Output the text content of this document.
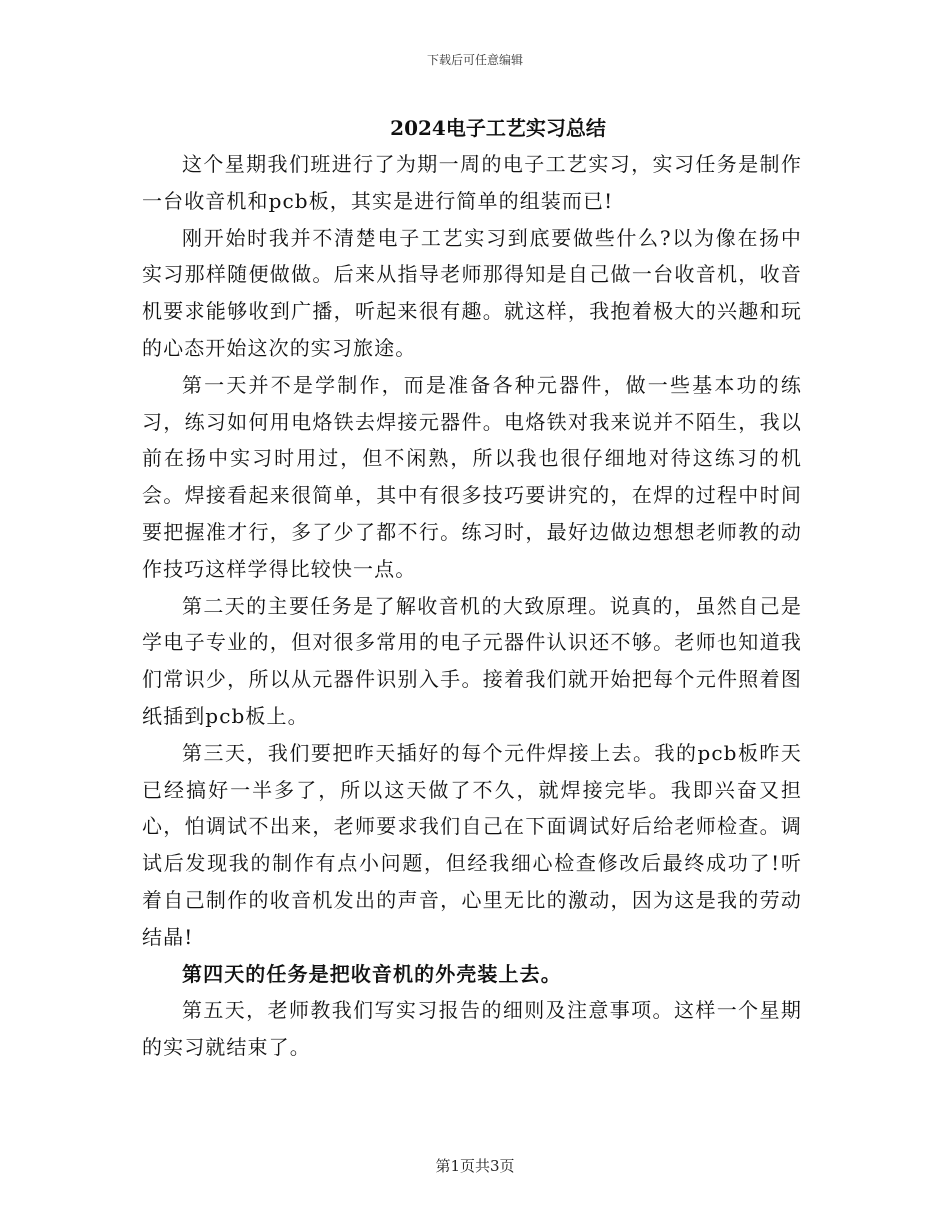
下载后可任意编辑
2024电子工艺实习总结

这个星期我们班进行了为期一周的电子工艺实习，实习任务是制作一台收音机和pcb板，其实是进行简单的组装而已!

刚开始时我并不清楚电子工艺实习到底要做些什么?以为像在扬中实习那样随便做做。后来从指导老师那得知是自己做一台收音机，收音机要求能够收到广播，听起来很有趣。就这样，我抱着极大的兴趣和玩的心态开始这次的实习旅途。

第一天并不是学制作，而是准备各种元器件，做一些基本功的练习，练习如何用电烙铁去焊接元器件。电烙铁对我来说并不陌生，我以前在扬中实习时用过，但不闲熟，所以我也很仔细地对待这练习的机会。焊接看起来很简单，其中有很多技巧要讲究的，在焊的过程中时间要把握准才行，多了少了都不行。练习时，最好边做边想想老师教的动作技巧这样学得比较快一点。

第二天的主要任务是了解收音机的大致原理。说真的，虽然自己是学电子专业的，但对很多常用的电子元器件认识还不够。老师也知道我们常识少，所以从元器件识别入手。接着我们就开始把每个元件照着图纸插到pcb板上。

第三天，我们要把昨天插好的每个元件焊接上去。我的pcb板昨天已经搞好一半多了，所以这天做了不久，就焊接完毕。我即兴奋又担心，怕调试不出来，老师要求我们自己在下面调试好后给老师检查。调试后发现我的制作有点小问题，但经我细心检查修改后最终成功了!听着自己制作的收音机发出的声音，心里无比的激动，因为这是我的劳动结晶!

第四天的任务是把收音机的外壳装上去。

第五天，老师教我们写实习报告的细则及注意事项。这样一个星期的实习就结束了。

第1页共3页
